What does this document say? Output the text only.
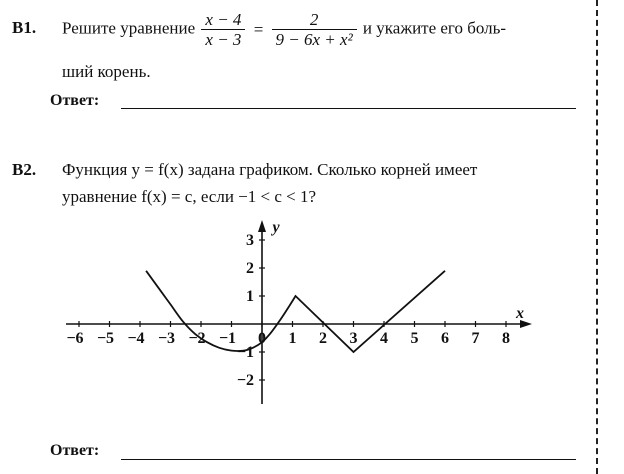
B1. Решите уравнение $\frac{x - 4}{x - 3} = \frac{2}{\text{9 − 6x + x²}}$ и укажите его боль-
ший корень.
Ответ:
B2. Функция y = f(x) задана графиком. Сколько корней имеет
уравнение f(x) = c, если −1 < c < 1?
−6 −5 −4 −3 −2 −1 0 1 2 3 4 5 6 7 8
3
2
1
−1
−2
x
y
Ответ:
